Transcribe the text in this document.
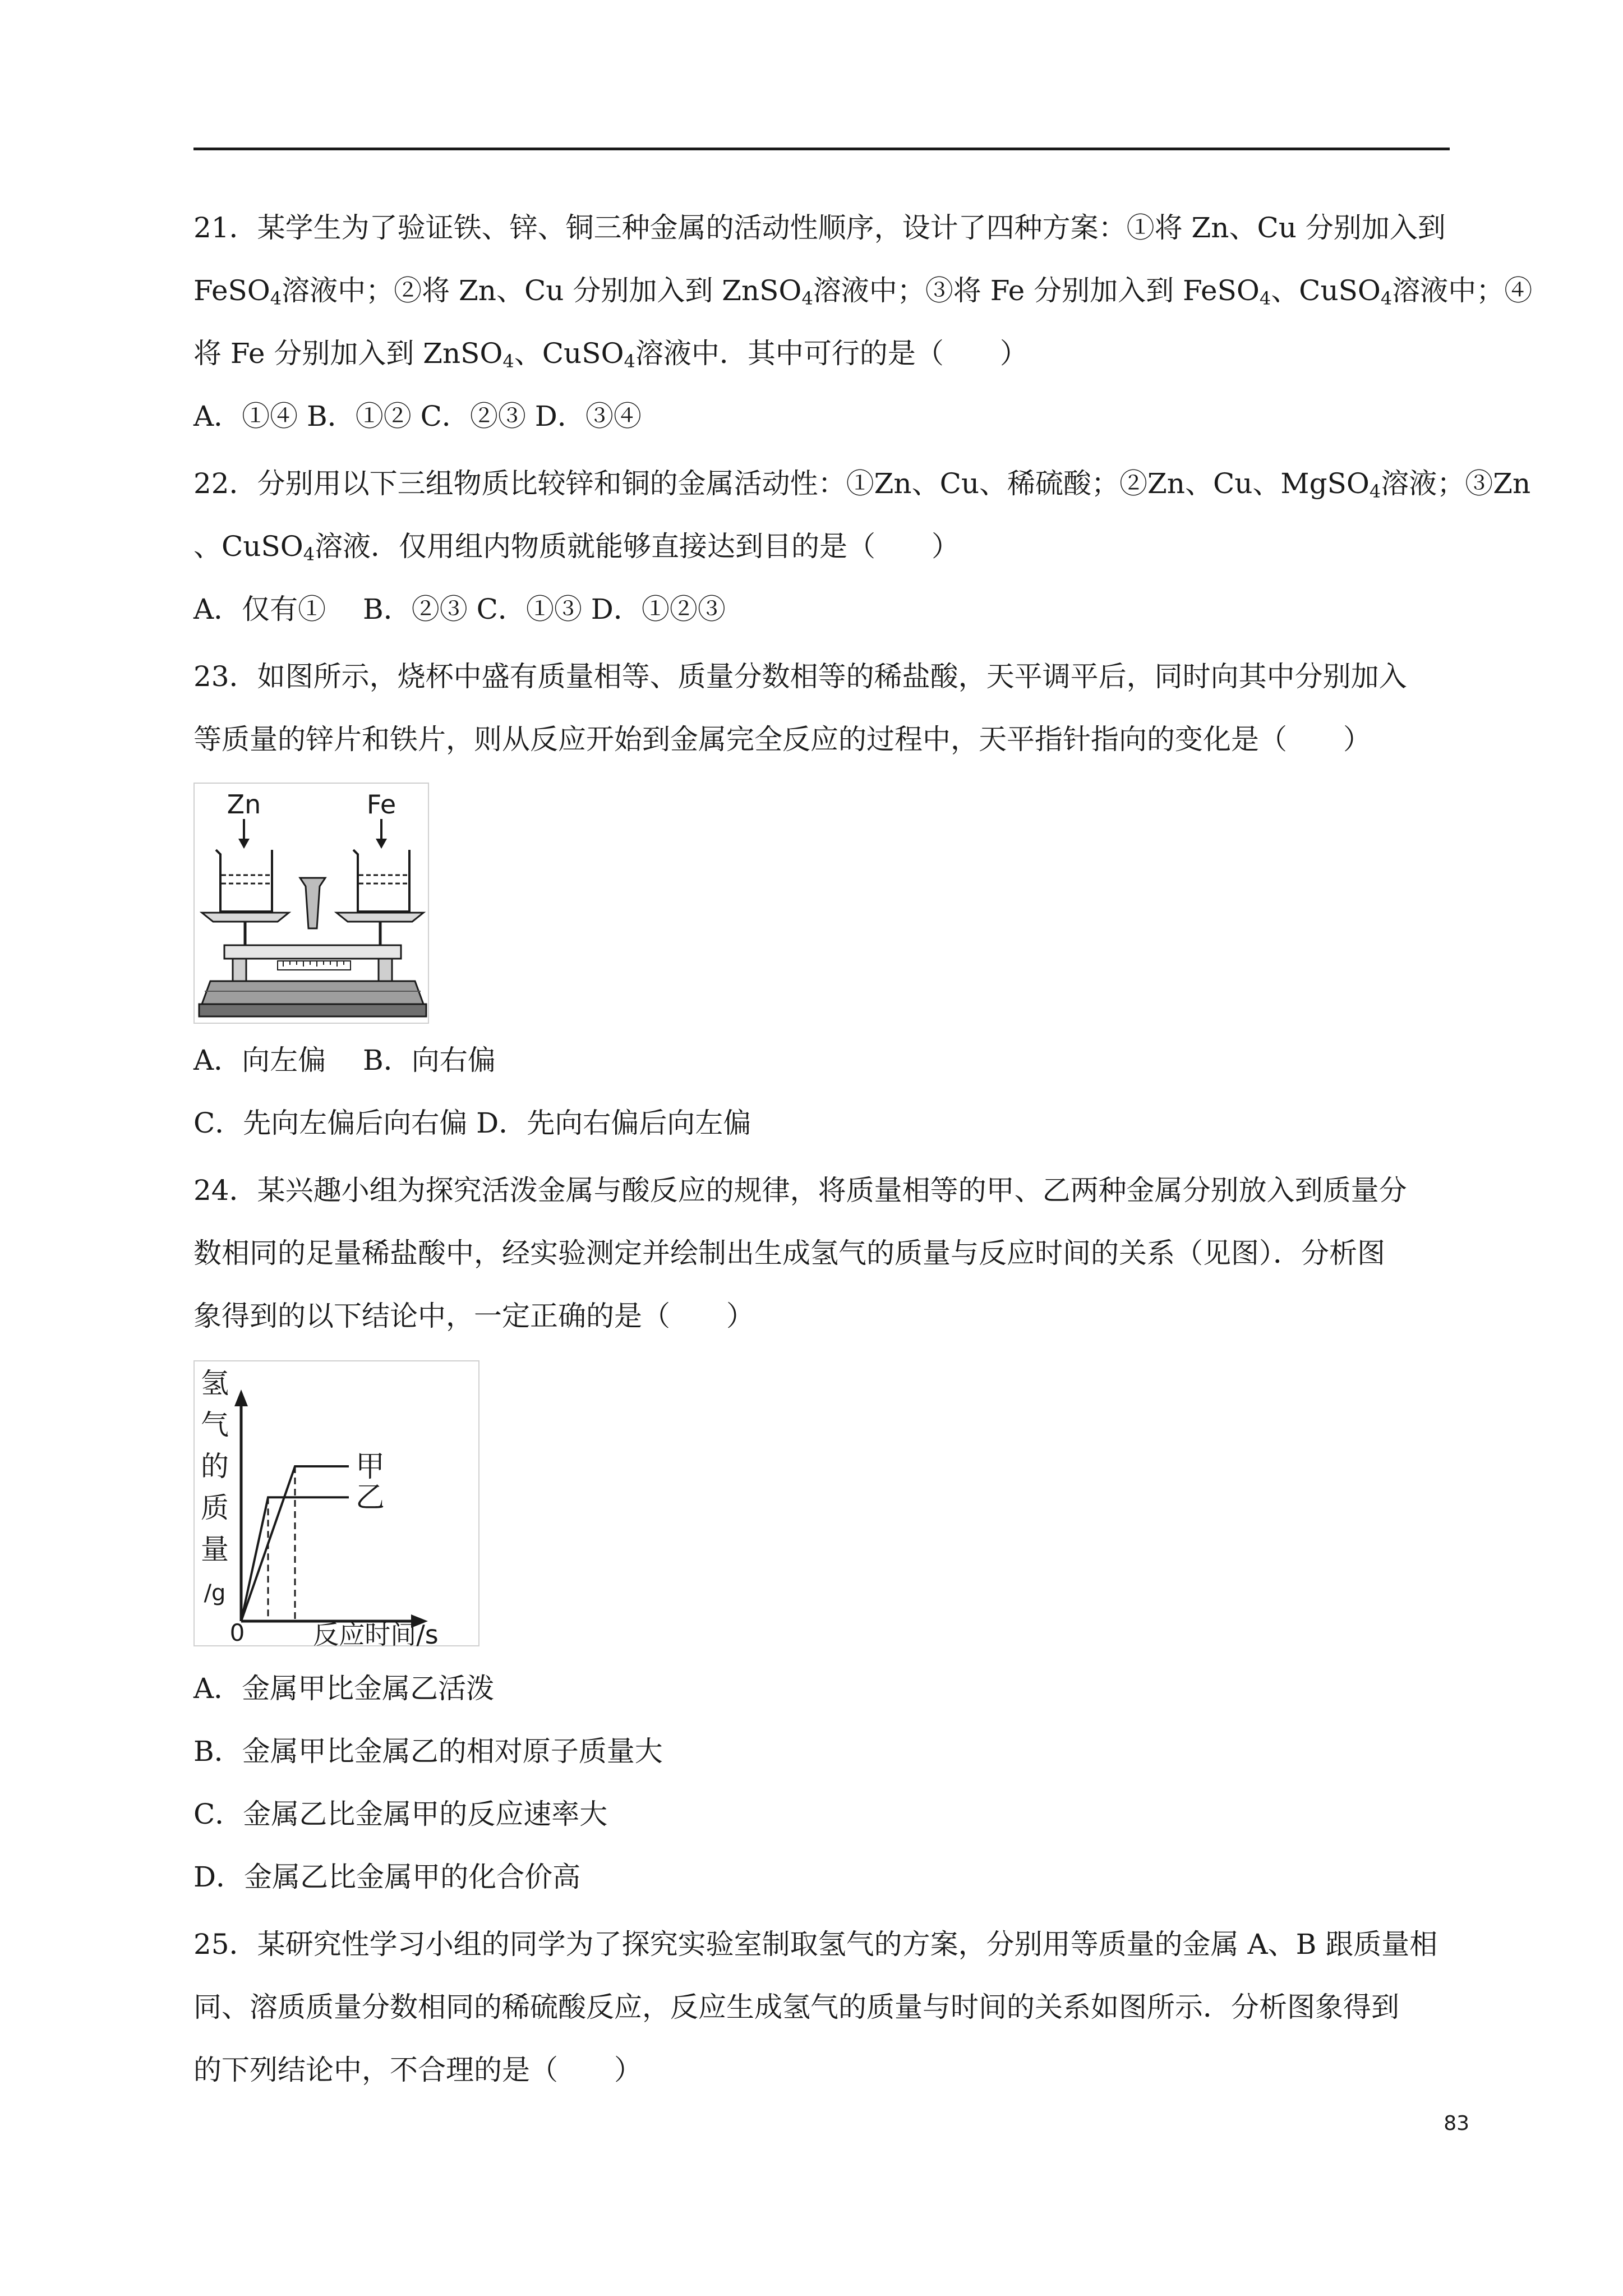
21．某学生为了验证铁、锌、铜三种金属的活动性顺序，设计了四种方案：①将 Zn、Cu 分别加入到
FeSO$_4$溶液中；②将 Zn、Cu 分别加入到 ZnSO$_4$溶液中；③将 Fe 分别加入到 FeSO$_4$、CuSO$_4$溶液中；④
将 Fe 分别加入到 ZnSO$_4$、CuSO$_4$溶液中．其中可行的是（　　）
A．①④ B．①② C．②③ D．③④
22．分别用以下三组物质比较锌和铜的金属活动性：①Zn、Cu、稀硫酸；②Zn、Cu、MgSO$_4$溶液；③Zn
、CuSO$_4$溶液．仅用组内物质就能够直接达到目的是（　　）
A．仅有①　 B．②③ C．①③ D．①②③
23．如图所示，烧杯中盛有质量相等、质量分数相等的稀盐酸，天平调平后，同时向其中分别加入
等质量的锌片和铁片，则从反应开始到金属完全反应的过程中，天平指针指向的变化是（　　）
Zn	Fe
A．向左偏　 B．向右偏
C．先向左偏后向右偏 D．先向右偏后向左偏
24．某兴趣小组为探究活泼金属与酸反应的规律，将质量相等的甲、乙两种金属分别放入到质量分
数相同的足量稀盐酸中，经实验测定并绘制出生成氢气的质量与反应时间的关系（见图）．分析图
象得到的以下结论中，一定正确的是（　　）
氢
气
的
质
量
/g
甲
乙
0	反应时间/s
A．金属甲比金属乙活泼
B．金属甲比金属乙的相对原子质量大
C．金属乙比金属甲的反应速率大
D．金属乙比金属甲的化合价高
25．某研究性学习小组的同学为了探究实验室制取氢气的方案，分别用等质量的金属 A、B 跟质量相
同、溶质质量分数相同的稀硫酸反应，反应生成氢气的质量与时间的关系如图所示．分析图象得到
的下列结论中，不合理的是（　　）
83
